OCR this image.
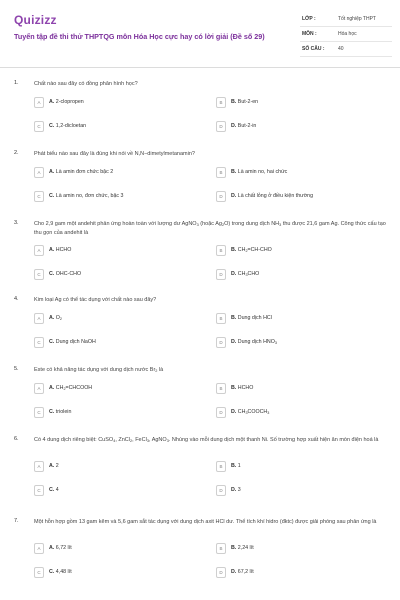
Quizizz
Tuyển tập đề thi thử THPTQG môn Hóa Học cực hay có lời giải (Đề số 29)
LỚP :	Tốt nghiệp THPT
MÔN :	Hóa học
SỐ CÂU :	40
1.	Chất nào sau đây có đồng phân hình học?
A	A. 2-clopropen	B	B. But-2-en
C	C. 1,2-dicloetan	D	D. But-2-in
2.	Phát biểu nào sau đây là đúng khi nói về N,N−dimetylmetanamin?
A	A. Là amin đơn chức bậc 2	B	B. Là amin no, hai chức
C	C. Là amin no, đơn chức, bậc 3	D	D. Là chất lỏng ở điều kiện thường
3.	Cho 2,9 gam một andehit phản ứng hoàn toàn với lượng dư AgNO$_3$ (hoặc $Ag_2O$) trong dung dịch $NH_3$ thu được 21,6 gam Ag. Công thức cấu tạo thu gọn của andehit là
A	A. HCHO	B	B. $CH_2=CH$-CHO
C	C. OHC-CHO	D	D. $CH_3CHO$
4.	Kim loại Ag có thể tác dụng với chất nào sau đây?
A	A. $O_2$	B	B. Dung dịch HCl
C	C. Dung dịch NaOH	D	D. Dung dịch $HNO_3$
5.	Este có khả năng tác dụng với dung dịch nước $Br_2$ là
A	A. $CH_2=CHCOOH$	B	B. HCHO
C	C. triolein	D	D. $CH_3COOCH_3$
6.	Có 4 dung dịch riêng biệt: CuSO$_4$, ZnCl$_2$, FeCl$_3$, AgNO$_3$. Nhúng vào mỗi dung dịch một thanh Ni. Số trường hợp xuất hiện ăn mòn điện hoá là
A	A. 2	B	B. 1
C	C. 4	D	D. 3
7.	Một hỗn hợp gồm 13 gam kẽm và 5,6 gam sắt tác dụng với dung dịch axit HCl dư. Thể tích khí hidro (đktc) được giải phóng sau phản ứng là
A	A. 6,72 lít	B	B. 2,24 lít
C	C. 4,48 lít	D	D. 67,2 lít
